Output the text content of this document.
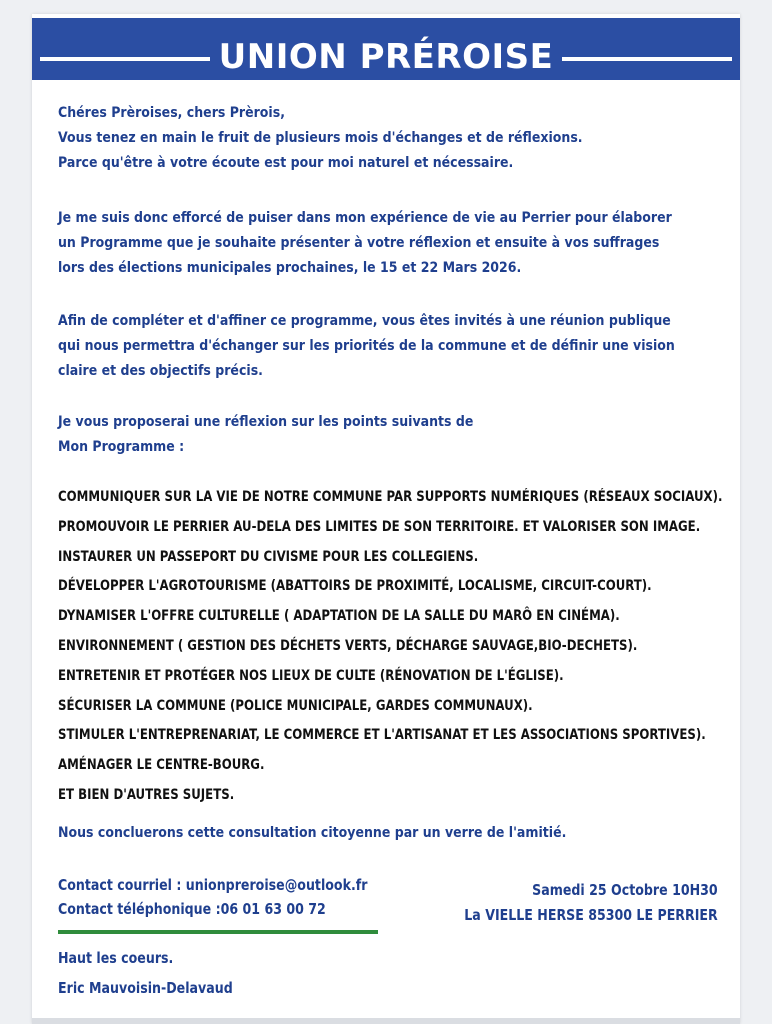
UNION PRÉROISE

Chéres Prèroises, chers Prèrois,
Vous tenez en main le fruit de plusieurs mois d'échanges et de réflexions.
Parce qu'être à votre écoute est pour moi naturel et nécessaire.

Je me suis donc efforcé de puiser dans mon expérience de vie au Perrier pour élaborer
un Programme que je souhaite présenter à votre réflexion et ensuite à vos suffrages
lors des élections municipales prochaines, le 15 et 22 Mars 2026.

Afin de compléter et d'affiner ce programme, vous êtes invités à une réunion publique
qui nous permettra d'échanger sur les priorités de la commune et de définir une vision
claire et des objectifs précis.

Je vous proposerai une réflexion sur les points suivants de
Mon Programme :

COMMUNIQUER SUR LA VIE DE NOTRE COMMUNE PAR SUPPORTS NUMÉRIQUES (RÉSEAUX SOCIAUX).
PROMOUVOIR LE PERRIER AU-DELA DES LIMITES DE SON TERRITOIRE. ET VALORISER SON IMAGE.
INSTAURER UN PASSEPORT DU CIVISME POUR LES COLLEGIENS.
DÉVELOPPER L'AGROTOURISME (ABATTOIRS DE PROXIMITÉ, LOCALISME, CIRCUIT-COURT).
DYNAMISER L'OFFRE CULTURELLE ( ADAPTATION DE LA SALLE DU MARÔ EN CINÉMA).
ENVIRONNEMENT ( GESTION DES DÉCHETS VERTS, DÉCHARGE SAUVAGE,BIO-DECHETS).
ENTRETENIR ET PROTÉGER NOS LIEUX DE CULTE (RÉNOVATION DE L'ÉGLISE).
SÉCURISER LA COMMUNE (POLICE MUNICIPALE, GARDES COMMUNAUX).
STIMULER L'ENTREPRENARIAT, LE COMMERCE ET L'ARTISANAT ET LES ASSOCIATIONS SPORTIVES).
AMÉNAGER LE CENTRE-BOURG.
ET BIEN D'AUTRES SUJETS.

Nous concluerons cette consultation citoyenne par un verre de l'amitié.

Contact courriel : unionpreroise@outlook.fr
Contact téléphonique :06 01 63 00 72
Samedi 25 Octobre 10H30
La VIELLE HERSE 85300 LE PERRIER
Haut les coeurs.
Eric Mauvoisin-Delavaud
